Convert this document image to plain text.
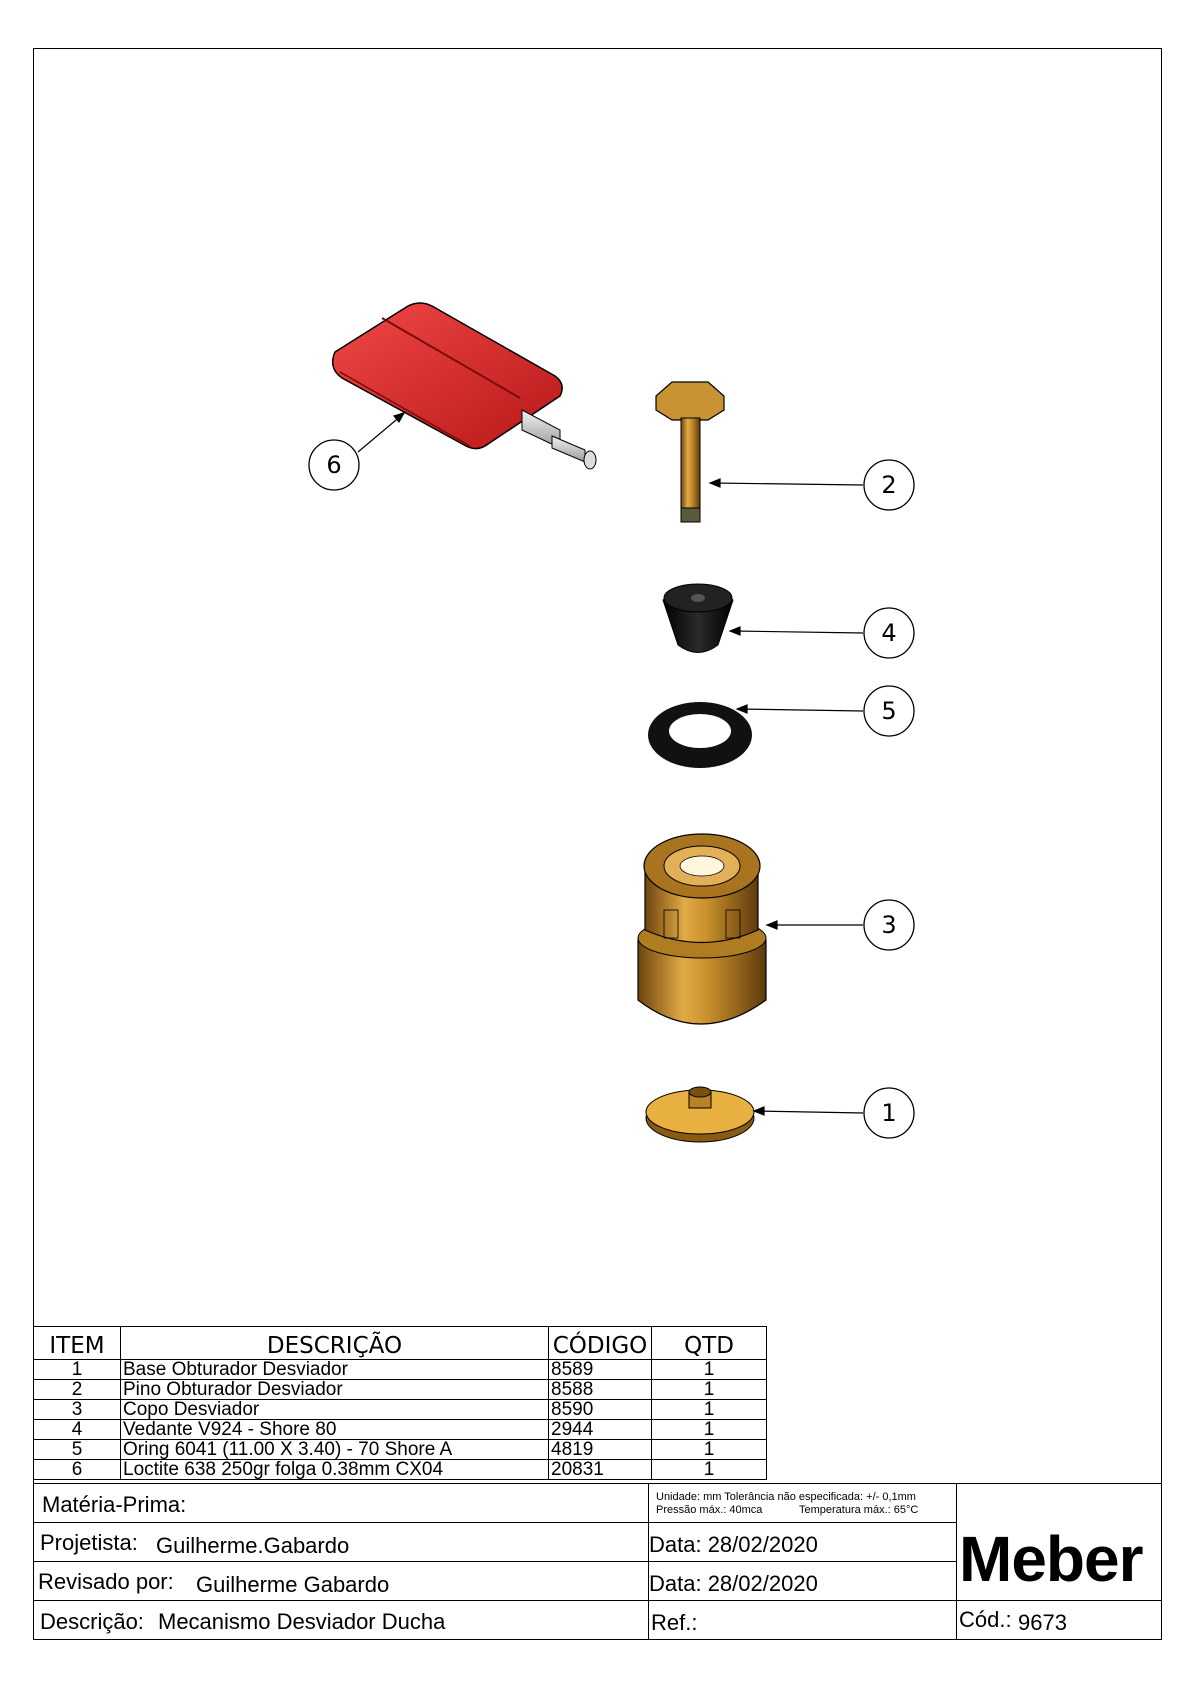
6
2
4
5
3
1
ITEM	DESCRIÇÃO	CÓDIGO	QTD
1	Base Obturador Desviador	8589	1
2	Pino Obturador Desviador	8588	1
3	Copo Desviador	8590	1
4	Vedante V924 - Shore 80	2944	1
5	Oring 6041 (11.00 X 3.40) - 70 Shore A	4819	1
6	Loctite 638 250gr folga 0.38mm CX04	20831	1
Matéria-Prima:
Projetista: Guilherme.Gabardo
Revisado por: Guilherme Gabardo
Descrição: Mecanismo Desviador Ducha
Unidade: mm Tolerância não especificada: +/- 0,1mm
Pressão máx.: 40mca	Temperatura máx.: 65°C
Data: 28/02/2020
Data: 28/02/2020
Ref.:
Meber
Cód.: 9673
